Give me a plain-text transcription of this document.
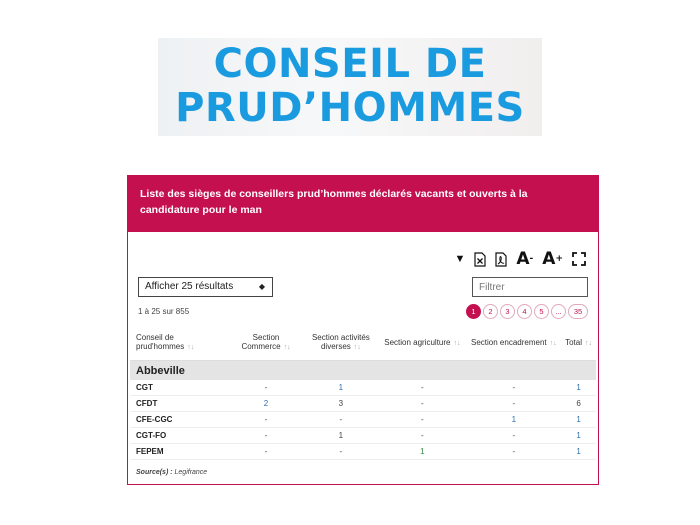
CONSEIL DE
PRUD’HOMMES
Liste des sièges de conseillers prud’hommes déclarés vacants et ouverts à la candidature pour le man
▼	A - A +
Afficher 25 résultats	◆
Filtrer
1 à 25 sur 855	1	2	3	4	5	...	35
Conseil de prud'hommes ↑↓	Section Commerce ↑↓	Section activités diverses ↑↓	Section agriculture ↑↓	Section encadrement ↑↓	Total ↑↓
Abbeville					
CGT	-	1	-	-	1
CFDT	2	3	-	-	6
CFE-CGC	-	-	-	1	1
CGT-FO	-	1	-	-	1
FEPEM	-	-	1	-	1
Source(s) : Legifrance
